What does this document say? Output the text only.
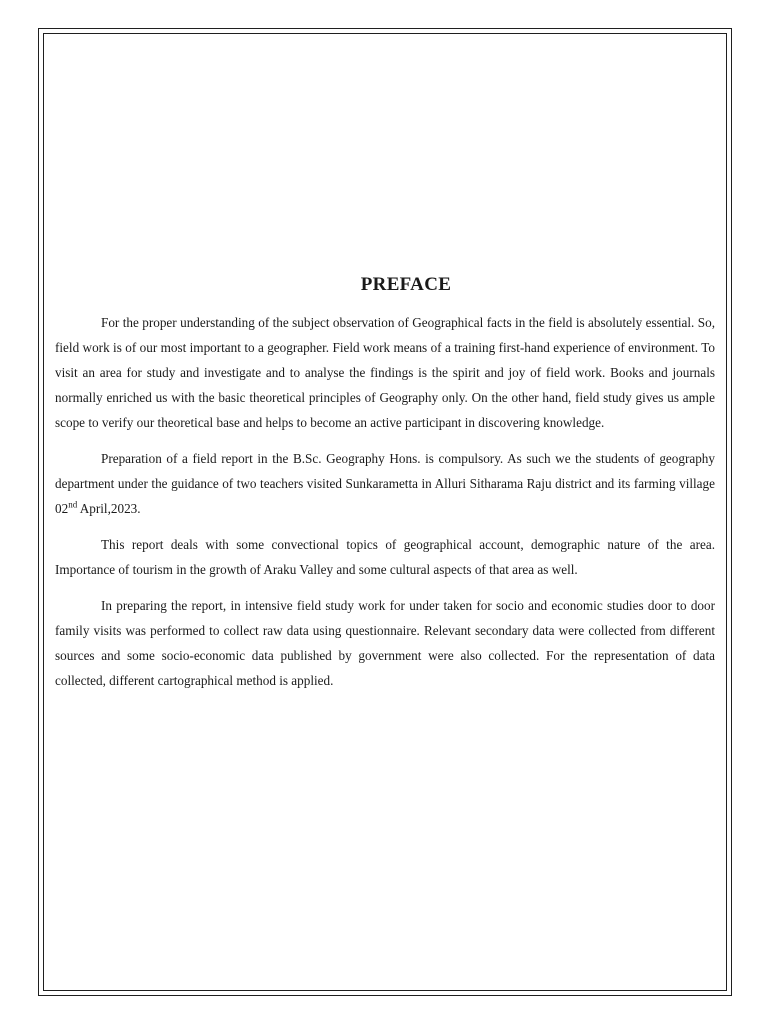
PREFACE

For the proper understanding of the subject observation of Geographical facts in the field is absolutely essential. So, field work is of our most important to a geographer. Field work means of a training first-hand experience of environment. To visit an area for study and investigate and to analyse the findings is the spirit and joy of field work. Books and journals normally enriched us with the basic theoretical principles of Geography only. On the other hand, field study gives us ample scope to verify our theoretical base and helps to become an active participant in discovering knowledge.

Preparation of a field report in the B.Sc. Geography Hons. is compulsory. As such we the students of geography department under the guidance of two teachers visited Sunkarametta in Alluri Sitharama Raju district and its farming village 02nd April,2023.

This report deals with some convectional topics of geographical account, demographic nature of the area. Importance of tourism in the growth of Araku Valley and some cultural aspects of that area as well.

In preparing the report, in intensive field study work for under taken for socio and economic studies door to door family visits was performed to collect raw data using questionnaire. Relevant secondary data were collected from different sources and some socio-economic data published by government were also collected. For the representation of data collected, different cartographical method is applied.
